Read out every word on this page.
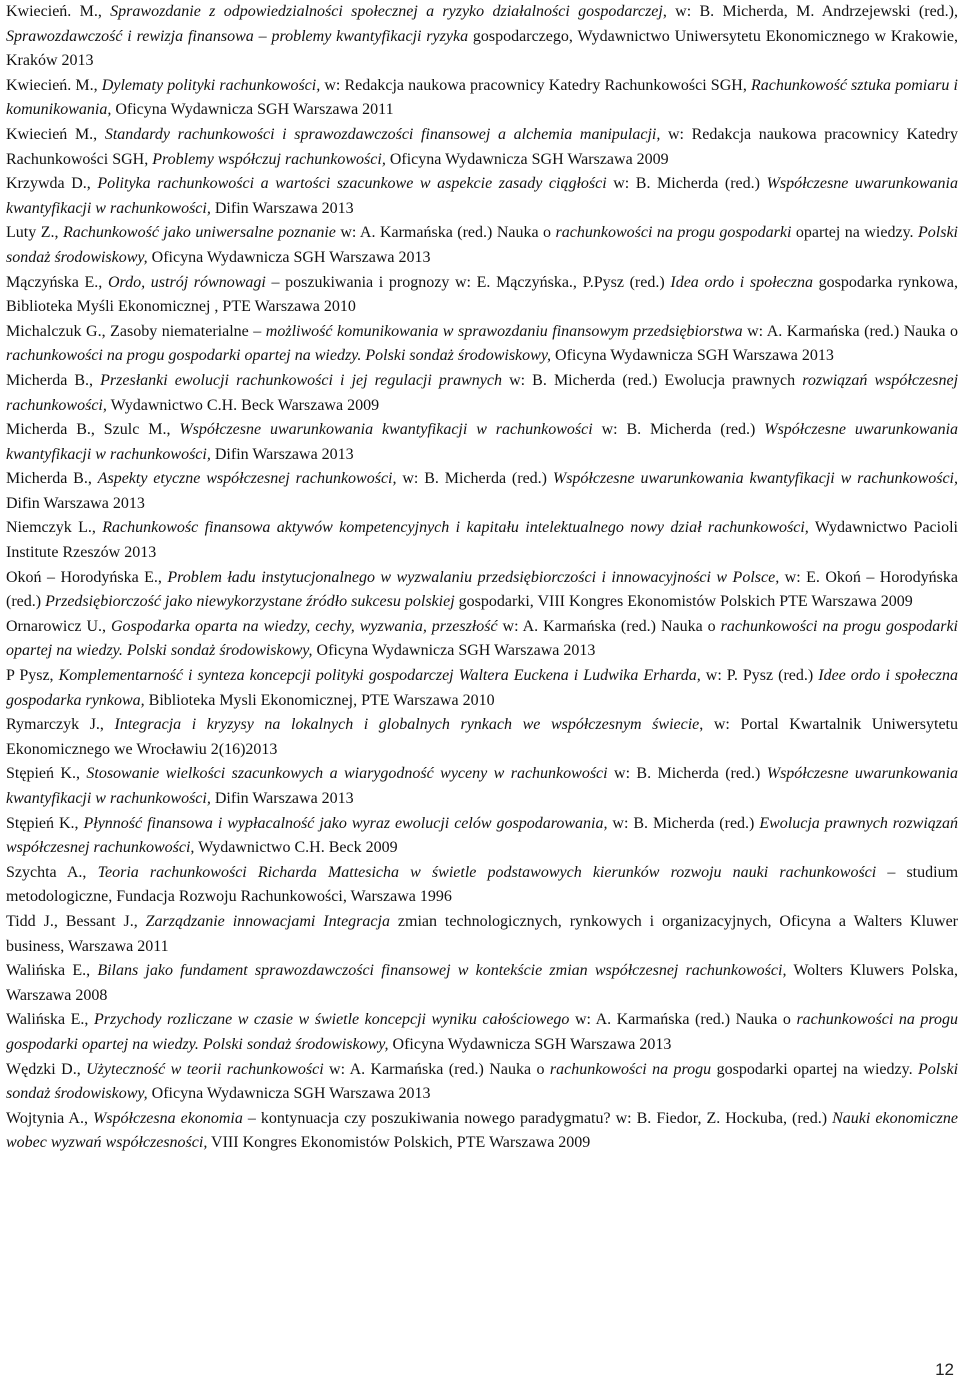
Kwiecień. M., Sprawozdanie z odpowiedzialności społecznej a ryzyko działalności gospodarczej, w: B. Micherda, M. Andrzejewski (red.), Sprawozdawczość i rewizja finansowa – problemy kwantyfikacji ryzyka gospodarczego, Wydawnictwo Uniwersytetu Ekonomicznego w Krakowie, Kraków 2013
Kwiecień. M., Dylematy polityki rachunkowości, w: Redakcja naukowa pracownicy Katedry Rachunkowości SGH, Rachunkowość sztuka pomiaru i komunikowania, Oficyna Wydawnicza SGH Warszawa 2011
Kwiecień M., Standardy rachunkowości i sprawozdawczości finansowej a alchemia manipulacji, w: Redakcja naukowa pracownicy Katedry Rachunkowości SGH, Problemy współczuj rachunkowości, Oficyna Wydawnicza SGH Warszawa 2009
Krzywda D., Polityka rachunkowości a wartości szacunkowe w aspekcie zasady ciągłości w: B. Micherda (red.) Współczesne uwarunkowania kwantyfikacji w rachunkowości, Difin Warszawa 2013
Luty Z., Rachunkowość jako uniwersalne poznanie w: A. Karmańska (red.) Nauka o rachunkowości na progu gospodarki opartej na wiedzy. Polski sondaż środowiskowy, Oficyna Wydawnicza SGH Warszawa 2013
Mączyńska E., Ordo, ustrój równowagi – poszukiwania i prognozy w: E. Mączyńska., P.Pysz (red.) Idea ordo i społeczna gospodarka rynkowa, Biblioteka Myśli Ekonomicznej , PTE Warszawa 2010
Michalczuk G., Zasoby niematerialne – możliwość komunikowania w sprawozdaniu finansowym przedsiębiorstwa w: A. Karmańska (red.) Nauka o rachunkowości na progu gospodarki opartej na wiedzy. Polski sondaż środowiskowy, Oficyna Wydawnicza SGH Warszawa 2013
Micherda B., Przesłanki ewolucji rachunkowości i jej regulacji prawnych w: B. Micherda (red.) Ewolucja prawnych rozwiązań współczesnej rachunkowości, Wydawnictwo C.H. Beck Warszawa 2009
Micherda B., Szulc M., Współczesne uwarunkowania kwantyfikacji w rachunkowości w: B. Micherda (red.) Współczesne uwarunkowania kwantyfikacji w rachunkowości, Difin Warszawa 2013
Micherda B., Aspekty etyczne współczesnej rachunkowości, w: B. Micherda (red.) Współczesne uwarunkowania kwantyfikacji w rachunkowości, Difin Warszawa 2013
Niemczyk L., Rachunkowośc finansowa aktywów kompetencyjnych i kapitału intelektualnego nowy dział rachunkowości, Wydawnictwo Pacioli Institute Rzeszów 2013
Okoń – Horodyńska E., Problem ładu instytucjonalnego w wyzwalaniu przedsiębiorczości i innowacyjności w Polsce, w: E. Okoń – Horodyńska (red.) Przedsiębiorczość jako niewykorzystane źródło sukcesu polskiej gospodarki, VIII Kongres Ekonomistów Polskich PTE Warszawa 2009
Ornarowicz U., Gospodarka oparta na wiedzy, cechy, wyzwania, przeszłość w: A. Karmańska (red.) Nauka o rachunkowości na progu gospodarki opartej na wiedzy. Polski sondaż środowiskowy, Oficyna Wydawnicza SGH Warszawa 2013
P Pysz, Komplementarność i synteza koncepcji polityki gospodarczej Waltera Euckena i Ludwika Erharda, w: P. Pysz (red.) Idee ordo i społeczna gospodarka rynkowa, Biblioteka Mysli Ekonomicznej, PTE Warszawa 2010
Rymarczyk J., Integracja i kryzysy na lokalnych i globalnych rynkach we współczesnym świecie, w: Portal Kwartalnik Uniwersytetu Ekonomicznego we Wrocławiu 2(16)2013
Stępień K., Stosowanie wielkości szacunkowych a wiarygodność wyceny w rachunkowości w: B. Micherda (red.) Współczesne uwarunkowania kwantyfikacji w rachunkowości, Difin Warszawa 2013
Stępień K., Płynność finansowa i wypłacalność jako wyraz ewolucji celów gospodarowania, w: B. Micherda (red.) Ewolucja prawnych rozwiązań współczesnej rachunkowości, Wydawnictwo C.H. Beck 2009
Szychta A., Teoria rachunkowości Richarda Mattesicha w świetle podstawowych kierunków rozwoju nauki rachunkowości – studium metodologiczne, Fundacja Rozwoju Rachunkowości, Warszawa 1996
Tidd J., Bessant J., Zarządzanie innowacjami Integracja zmian technologicznych, rynkowych i organizacyjnych, Oficyna a Walters Kluwer business, Warszawa 2011
Walińska E., Bilans jako fundament sprawozdawczości finansowej w kontekście zmian współczesnej rachunkowości, Wolters Kluwers Polska, Warszawa 2008
Walińska E., Przychody rozliczane w czasie w świetle koncepcji wyniku całościowego w: A. Karmańska (red.) Nauka o rachunkowości na progu gospodarki opartej na wiedzy. Polski sondaż środowiskowy, Oficyna Wydawnicza SGH Warszawa 2013
Wędzki D., Użyteczność w teorii rachunkowości w: A. Karmańska (red.) Nauka o rachunkowości na progu gospodarki opartej na wiedzy. Polski sondaż środowiskowy, Oficyna Wydawnicza SGH Warszawa 2013
Wojtynia A., Współczesna ekonomia – kontynuacja czy poszukiwania nowego paradygmatu? w: B. Fiedor, Z. Hockuba, (red.) Nauki ekonomiczne wobec wyzwań współczesności, VIII Kongres Ekonomistów Polskich, PTE Warszawa 2009
12
